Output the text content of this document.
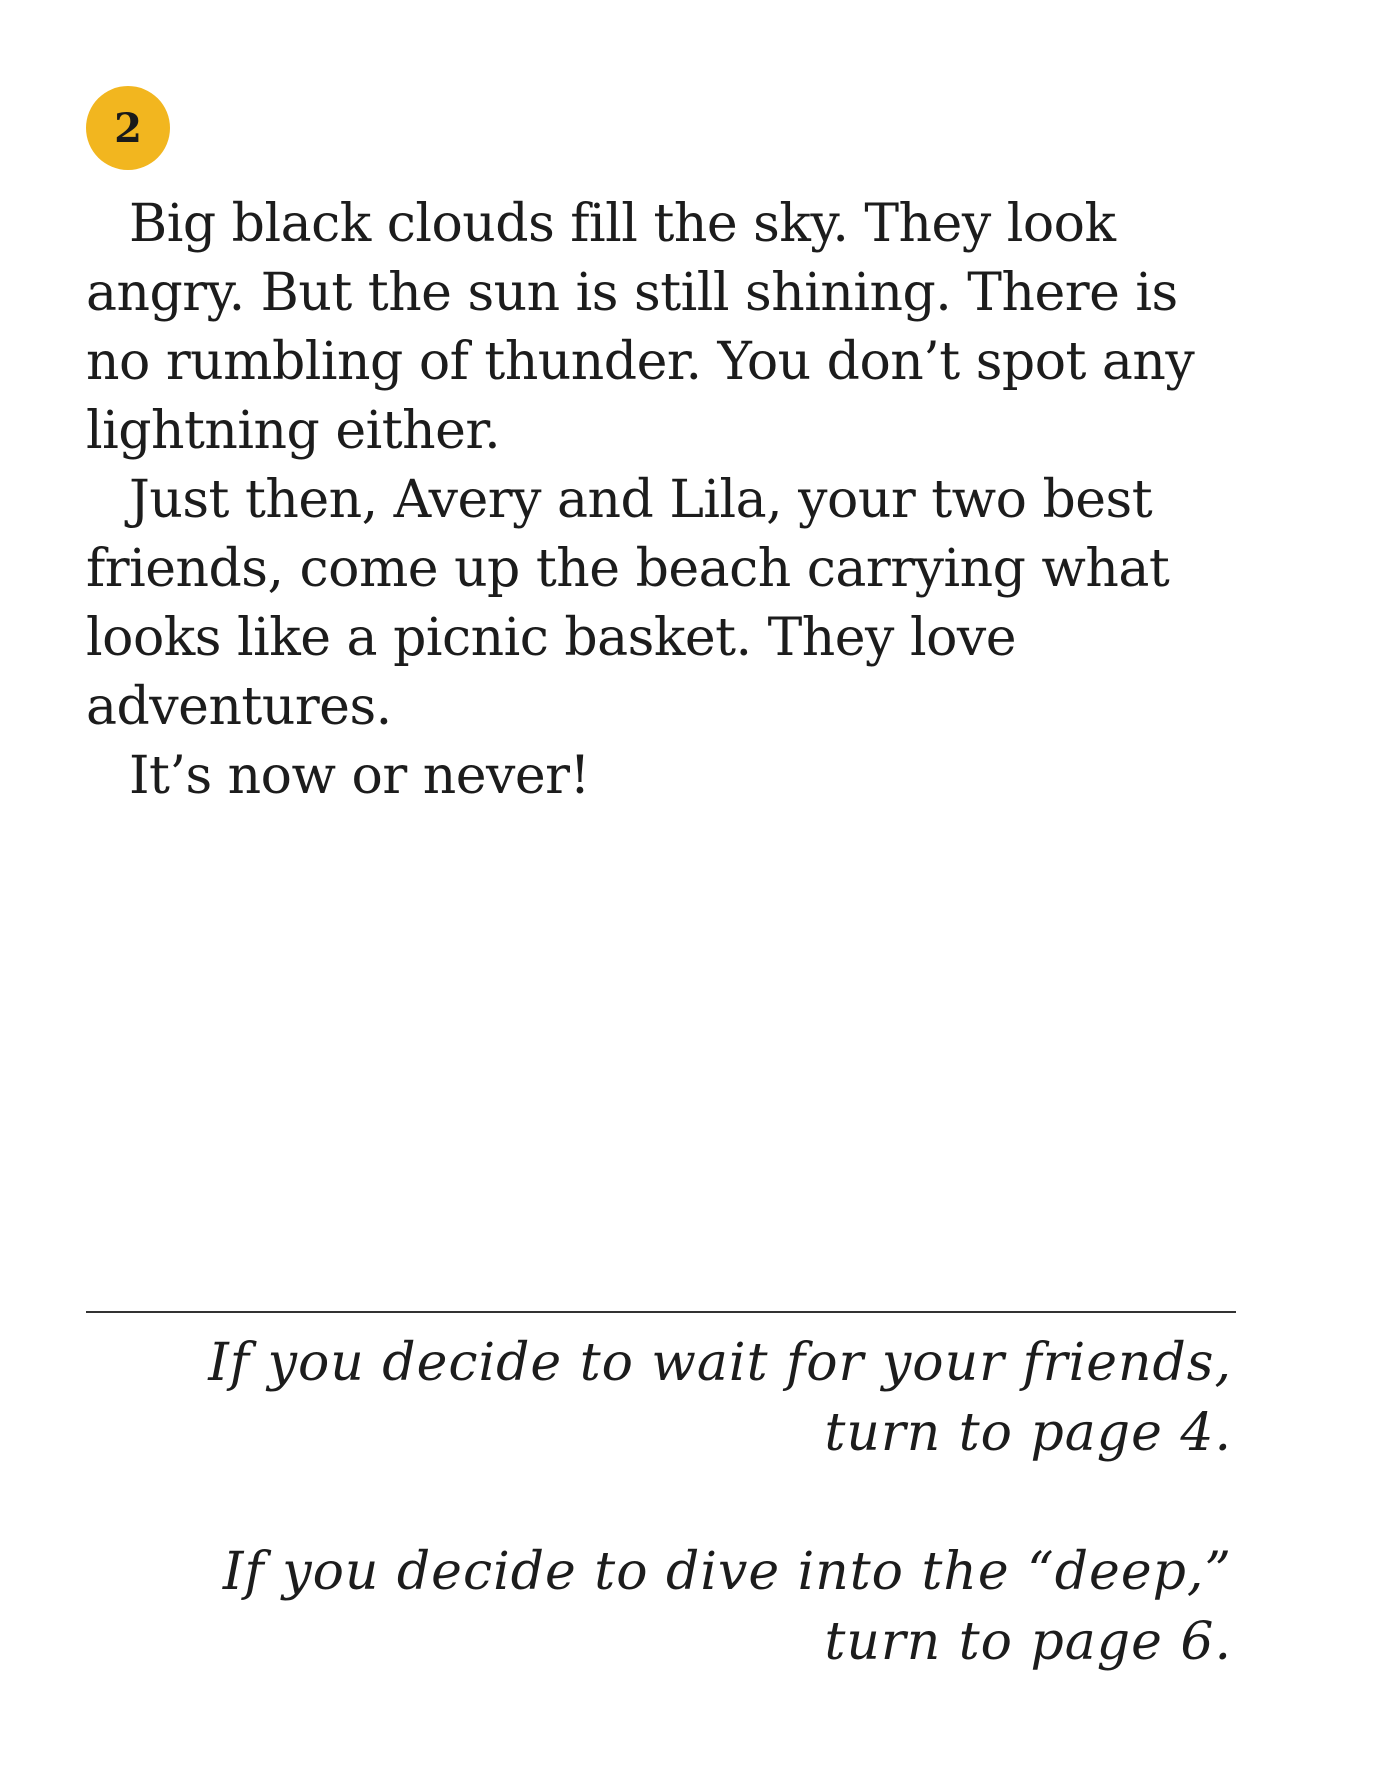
2

Big black clouds fill the sky. They look angry. But the sun is still shining. There is no rumbling of thunder. You don’t spot any lightning either.

Just then, Avery and Lila, your two best friends, come up the beach carrying what looks like a picnic basket. They love adventures.

It’s now or never!

If you decide to wait for your friends,
turn to page 4.
If you decide to dive into the “deep,”
turn to page 6.
